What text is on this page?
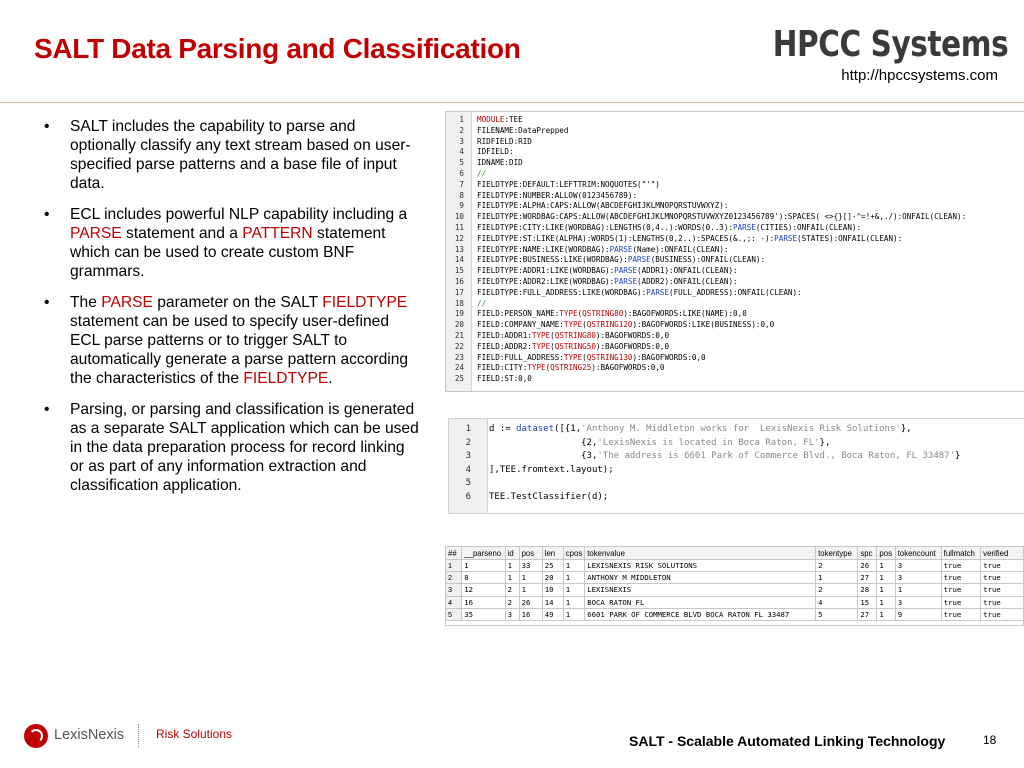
SALT Data Parsing and Classification	HPCC Systems
http://hpccsystems.com
• SALT includes the capability to parse and optionally classify any text stream based on user-specified parse patterns and a base file of input data.
• ECL includes powerful NLP capability including a PARSE statement and a PATTERN statement which can be used to create custom BNF grammars.
• The PARSE parameter on the SALT FIELDTYPE statement can be used to specify user-defined ECL parse patterns or to trigger SALT to automatically generate a parse pattern according the characteristics of the FIELDTYPE.
• Parsing, or parsing and classification is generated as a separate SALT application which can be used in the data preparation process for record linking or as part of any information extraction and classification application.
1 MODULE:TEE
2 FILENAME:DataPrepped
3 RIDFIELD:RID
4 IDFIELD:
5 IDNAME:DID
6 //
7 FIELDTYPE:DEFAULT:LEFTTRIM:NOQUOTES("'")
8 FIELDTYPE:NUMBER:ALLOW(0123456789):
9 FIELDTYPE:ALPHA:CAPS:ALLOW(ABCDEFGHIJKLMNOPQRSTUVWXYZ):
10 FIELDTYPE:WORDBAG:CAPS:ALLOW(ABCDEFGHIJKLMNOPQRSTUVWXYZ0123456789'):SPACES( <>{}[]-^=!+&,./):ONFAIL(CLEAN):
11 FIELDTYPE:CITY:LIKE(WORDBAG):LENGTHS(0,4..):WORDS(0..3):PARSE(CITIES):ONFAIL(CLEAN):
12 FIELDTYPE:ST:LIKE(ALPHA):WORDS(1):LENGTHS(0,2..):SPACES(&.,;: -):PARSE(STATES):ONFAIL(CLEAN):
13 FIELDTYPE:NAME:LIKE(WORDBAG):PARSE(Name):ONFAIL(CLEAN):
14 FIELDTYPE:BUSINESS:LIKE(WORDBAG):PARSE(BUSINESS):ONFAIL(CLEAN):
15 FIELDTYPE:ADDR1:LIKE(WORDBAG):PARSE(ADDR1):ONFAIL(CLEAN):
16 FIELDTYPE:ADDR2:LIKE(WORDBAG):PARSE(ADDR2):ONFAIL(CLEAN):
17 FIELDTYPE:FULL_ADDRESS:LIKE(WORDBAG):PARSE(FULL_ADDRESS):ONFAIL(CLEAN):
18 //
19 FIELD:PERSON_NAME:TYPE(QSTRING80):BAGOFWORDS:LIKE(NAME):0,0
20 FIELD:COMPANY_NAME:TYPE(QSTRING120):BAGOFWORDS:LIKE(BUSINESS):0,0
21 FIELD:ADDR1:TYPE(QSTRING80):BAGOFWORDS:0,0
22 FIELD:ADDR2:TYPE(QSTRING50):BAGOFWORDS:0,0
23 FIELD:FULL_ADDRESS:TYPE(QSTRING130):BAGOFWORDS:0,0
24 FIELD:CITY:TYPE(QSTRING25):BAGOFWORDS:0,0
25 FIELD:ST:0,0
1 d := dataset([{1,'Anthony M. Middleton works for  LexisNexis Risk Solutions'},
2 {2,'LexisNexis is located in Boca Raton, FL'},
3 {3,'The address is 6601 Park of Commerce Blvd., Boca Raton, FL 33487'}
4 ],TEE.fromtext.layout);
5
6 TEE.TestClassifier(d);
##	__parseno	id	pos	len	cpos	tokenvalue	tokentype	spc	pos	tokencount	fullmatch	verified
1	1	1	33	25	1	LEXISNEXIS RISK SOLUTIONS	2	26	1	3	true	true
2	8	1	1	20	1	ANTHONY M MIDDLETON	1	27	1	3	true	true
3	12	2	1	10	1	LEXISNEXIS	2	28	1	1	true	true
4	16	2	26	14	1	BOCA RATON FL	4	15	1	3	true	true
5	35	3	16	49	1	6601 PARK OF COMMERCE BLVD BOCA RATON FL 33487	5	27	1	9	true	true
LexisNexis	Risk Solutions	SALT - Scalable Automated Linking Technology	18
